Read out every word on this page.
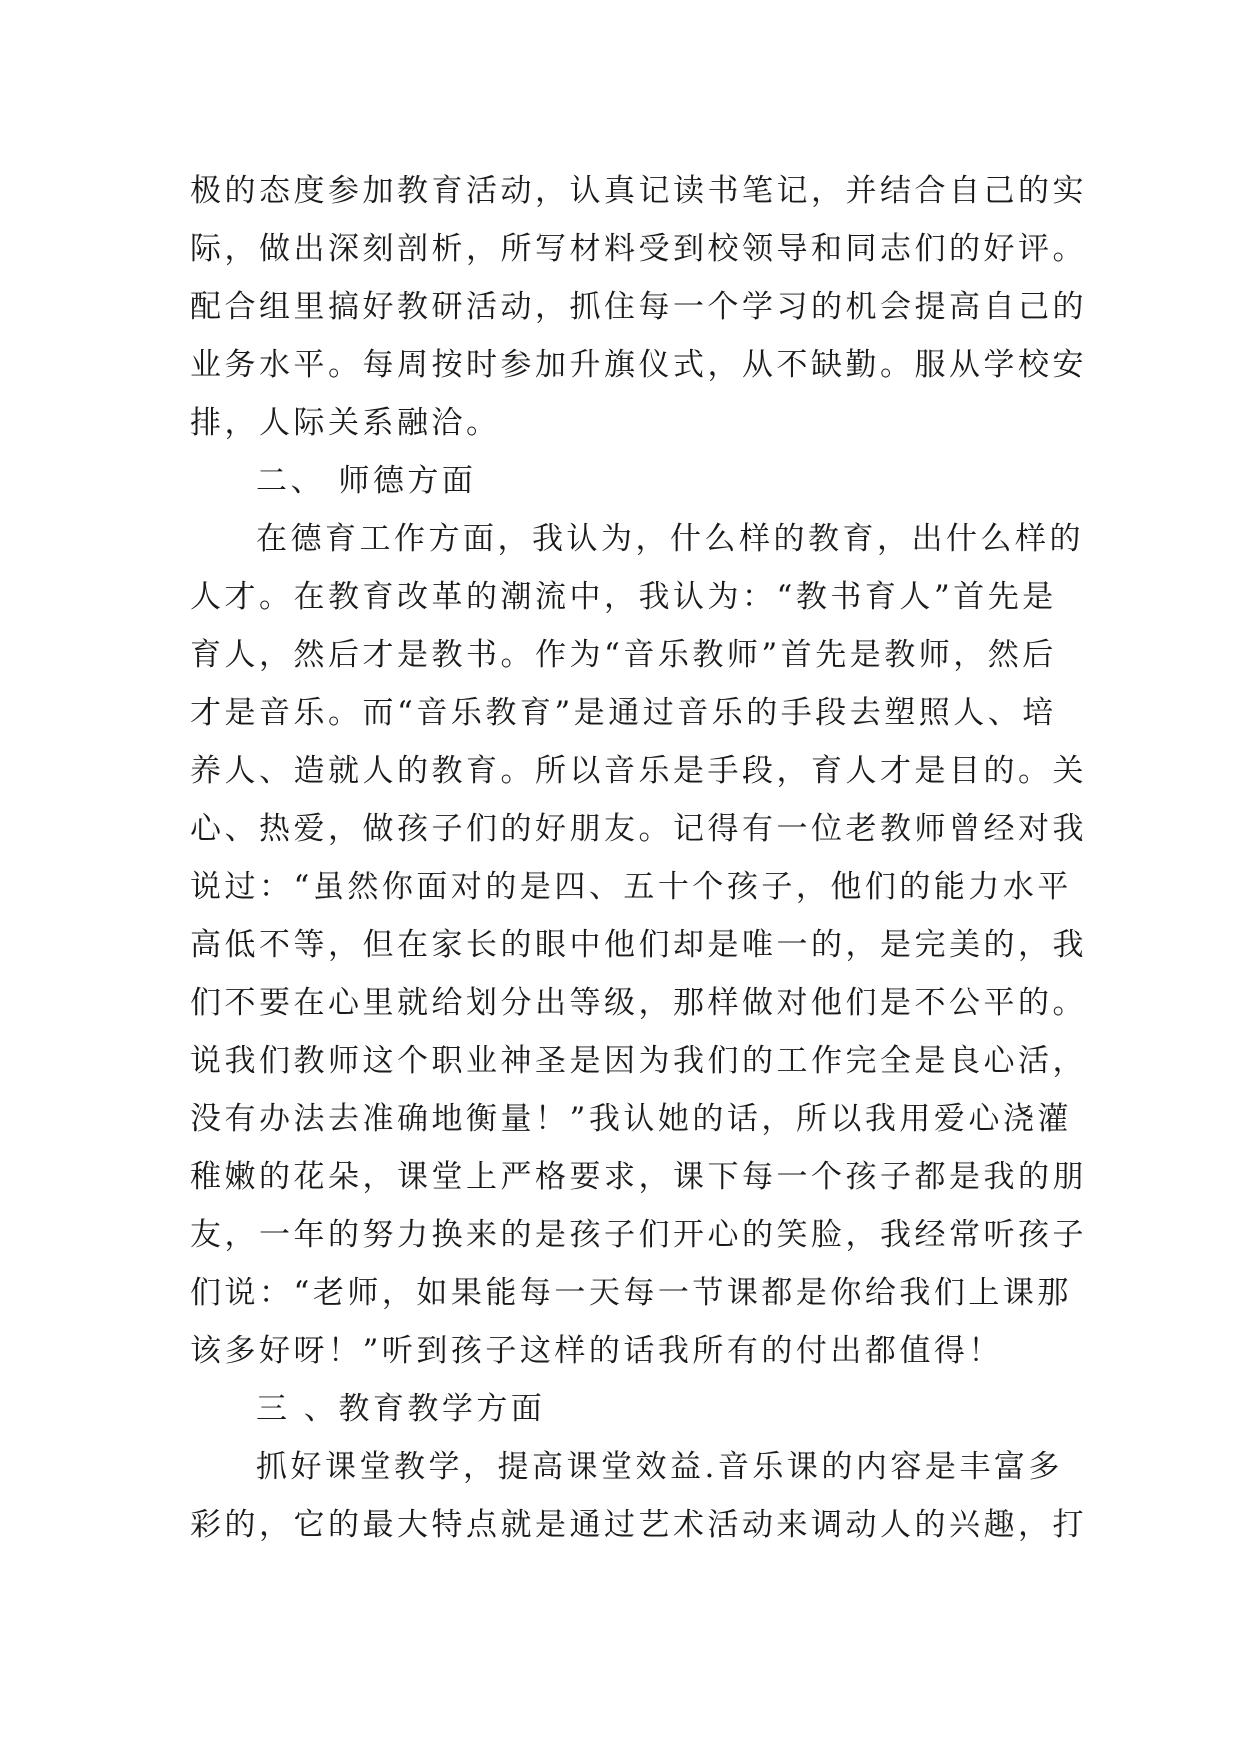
极的态度参加教育活动，认真记读书笔记，并结合自己的实
际，做出深刻剖析，所写材料受到校领导和同志们的好评。
配合组里搞好教研活动，抓住每一个学习的机会提高自己的
业务水平。每周按时参加升旗仪式，从不缺勤。服从学校安
排，人际关系融洽。
二、 师德方面
在德育工作方面，我认为，什么样的教育，出什么样的
人才。在教育改革的潮流中，我认为：“教书育人”首先是
育人，然后才是教书。作为“音乐教师”首先是教师，然后
才是音乐。而“音乐教育”是通过音乐的手段去塑照人、培
养人、造就人的教育。所以音乐是手段，育人才是目的。关
心、热爱，做孩子们的好朋友。记得有一位老教师曾经对我
说过：“虽然你面对的是四、五十个孩子，他们的能力水平
高低不等，但在家长的眼中他们却是唯一的，是完美的，我
们不要在心里就给划分出等级，那样做对他们是不公平的。
说我们教师这个职业神圣是因为我们的工作完全是良心活，
没有办法去准确地衡量！”我认她的话，所以我用爱心浇灌
稚嫩的花朵，课堂上严格要求，课下每一个孩子都是我的朋
友，一年的努力换来的是孩子们开心的笑脸，我经常听孩子
们说：“老师，如果能每一天每一节课都是你给我们上课那
该多好呀！”听到孩子这样的话我所有的付出都值得！
三 、教育教学方面
抓好课堂教学，提高课堂效益.音乐课的内容是丰富多
彩的，它的最大特点就是通过艺术活动来调动人的兴趣，打
